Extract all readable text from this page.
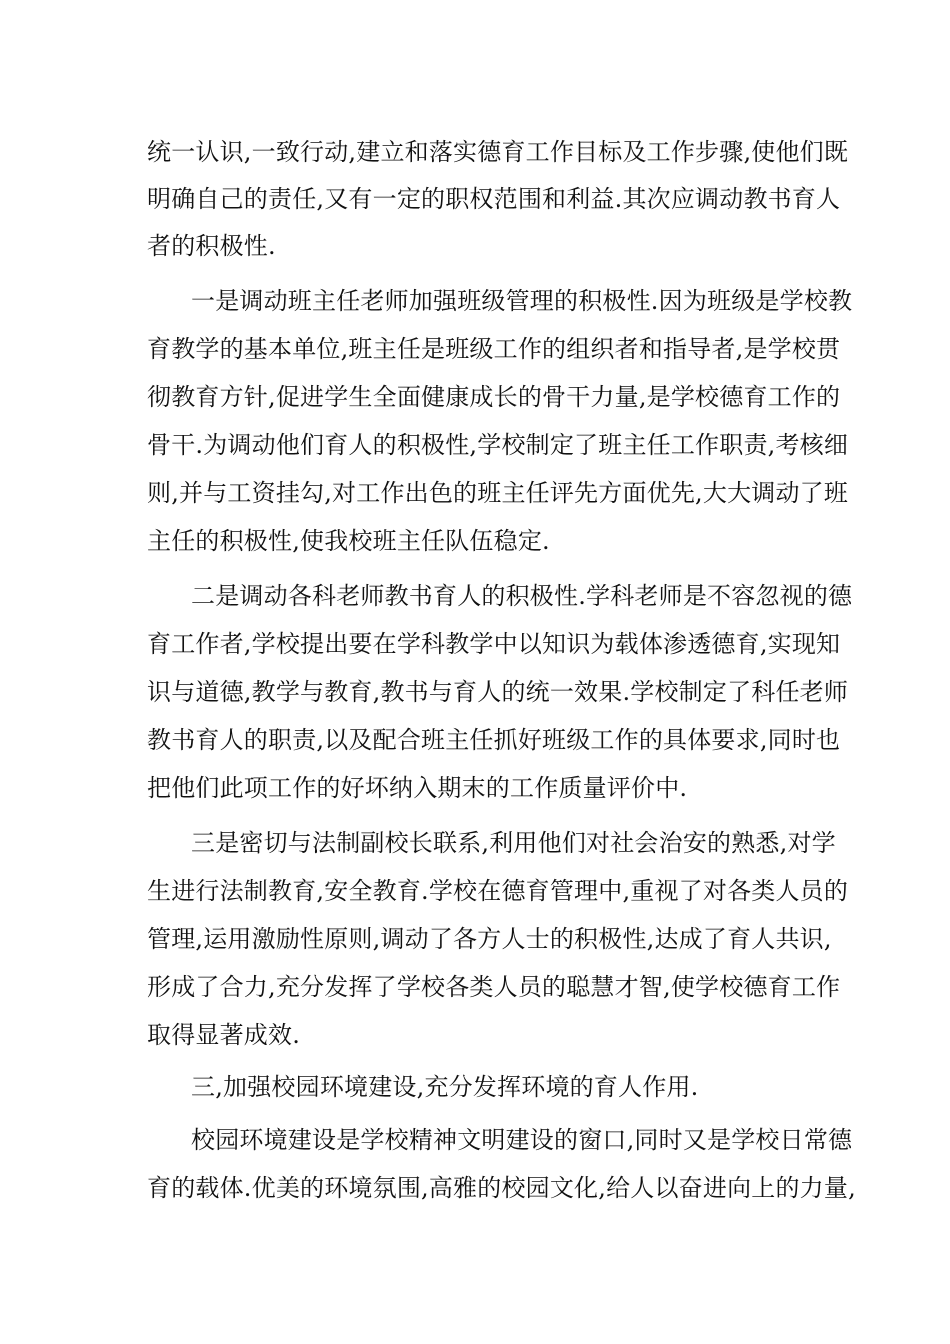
统一认识,一致行动,建立和落实德育工作目标及工作步骤,使他们既
明确自己的责任,又有一定的职权范围和利益.其次应调动教书育人
者的积极性.
一是调动班主任老师加强班级管理的积极性.因为班级是学校教
育教学的基本单位,班主任是班级工作的组织者和指导者,是学校贯
彻教育方针,促进学生全面健康成长的骨干力量,是学校德育工作的
骨干.为调动他们育人的积极性,学校制定了班主任工作职责,考核细
则,并与工资挂勾,对工作出色的班主任评先方面优先,大大调动了班
主任的积极性,使我校班主任队伍稳定.
二是调动各科老师教书育人的积极性.学科老师是不容忽视的德
育工作者,学校提出要在学科教学中以知识为载体渗透德育,实现知
识与道德,教学与教育,教书与育人的统一效果.学校制定了科任老师
教书育人的职责,以及配合班主任抓好班级工作的具体要求,同时也
把他们此项工作的好坏纳入期末的工作质量评价中.
三是密切与法制副校长联系,利用他们对社会治安的熟悉,对学
生进行法制教育,安全教育.学校在德育管理中,重视了对各类人员的
管理,运用激励性原则,调动了各方人士的积极性,达成了育人共识,
形成了合力,充分发挥了学校各类人员的聪慧才智,使学校德育工作
取得显著成效.
三,加强校园环境建设,充分发挥环境的育人作用.
校园环境建设是学校精神文明建设的窗口,同时又是学校日常德
育的载体.优美的环境氛围,高雅的校园文化,给人以奋进向上的力量,
